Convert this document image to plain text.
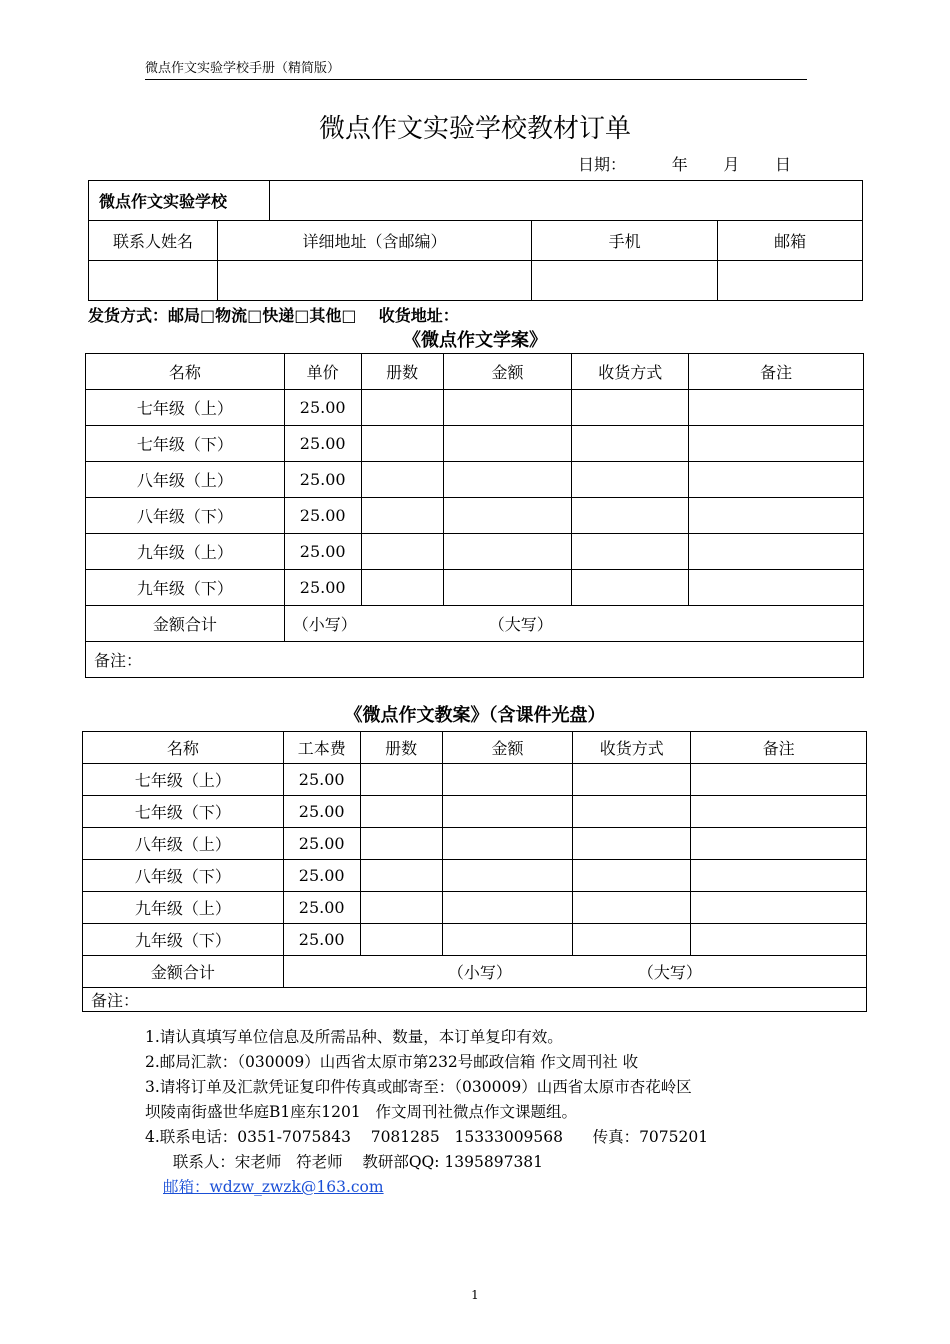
微点作文实验学校手册（精简版）
微点作文实验学校教材订单
日期：         年       月       日
微点作文实验学校				
联系人姓名	详细地址（含邮编）		手机	邮箱

发货方式：邮局□物流□快递□其他□    收货地址：
《微点作文学案》
名称	单价	册数	金额	收货方式	备注
七年级（上）	25.00				
七年级（下）	25.00				
八年级（上）	25.00				
八年级（下）	25.00				
九年级（上）	25.00				
九年级（下）	25.00				
金额合计	（小写） （大写）				
备注：					
《微点作文教案》（含课件光盘）
名称	工本费	册数	金额	收货方式	备注
七年级（上）	25.00				
七年级（下）	25.00				
八年级（上）	25.00				
八年级（下）	25.00				
九年级（上）	25.00				
九年级（下）	25.00				
金额合计	（小写） （大写）				
备注：					
1.请认真填写单位信息及所需品种、数量，本订单复印有效。
2.邮局汇款：（030009）山西省太原市第232号邮政信箱 作文周刊社 收
3.请将订单及汇款凭证复印件传真或邮寄至：（030009）山西省太原市杏花岭区
坝陵南街盛世华庭B1座东1201   作文周刊社微点作文课题组。
4.联系电话：0351-7075843    7081285   15333009568      传真：7075201
联系人：宋老师   符老师    教研部QQ: 1395897381
邮箱：wdzw_zwzk@163.com
1
